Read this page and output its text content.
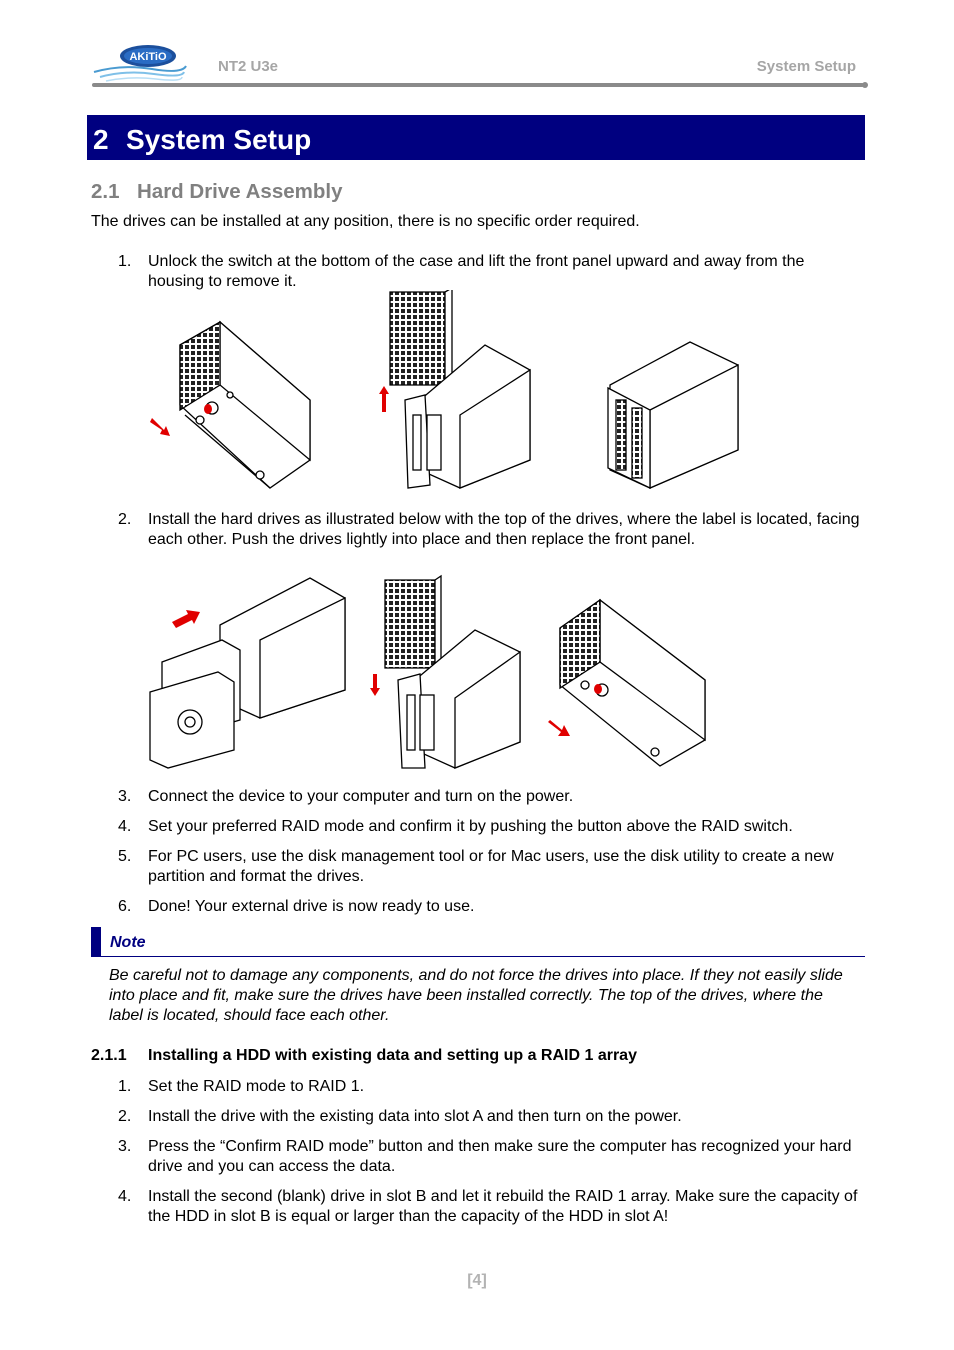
AKiTiO
NT2 U3e	System Setup
2 System Setup
2.1 Hard Drive Assembly
The drives can be installed at any position, there is no specific order required.
1. Unlock the switch at the bottom of the case and lift the front panel upward and away from the housing to remove it.
2. Install the hard drives as illustrated below with the top of the drives, where the label is located, facing each other. Push the drives lightly into place and then replace the front panel.
3. Connect the device to your computer and turn on the power.
4. Set your preferred RAID mode and confirm it by pushing the button above the RAID switch.
5. For PC users, use the disk management tool or for Mac users, use the disk utility to create a new partition and format the drives.
6. Done! Your external drive is now ready to use.
Note
Be careful not to damage any components, and do not force the drives into place. If they not easily slide into place and fit, make sure the drives have been installed correctly. The top of the drives, where the label is located, should face each other.
2.1.1 Installing a HDD with existing data and setting up a RAID 1 array
1. Set the RAID mode to RAID 1.
2. Install the drive with the existing data into slot A and then turn on the power.
3. Press the “Confirm RAID mode” button and then make sure the computer has recognized your hard drive and you can access the data.
4. Install the second (blank) drive in slot B and let it rebuild the RAID 1 array. Make sure the capacity of the HDD in slot B is equal or larger than the capacity of the HDD in slot A!
[4]
